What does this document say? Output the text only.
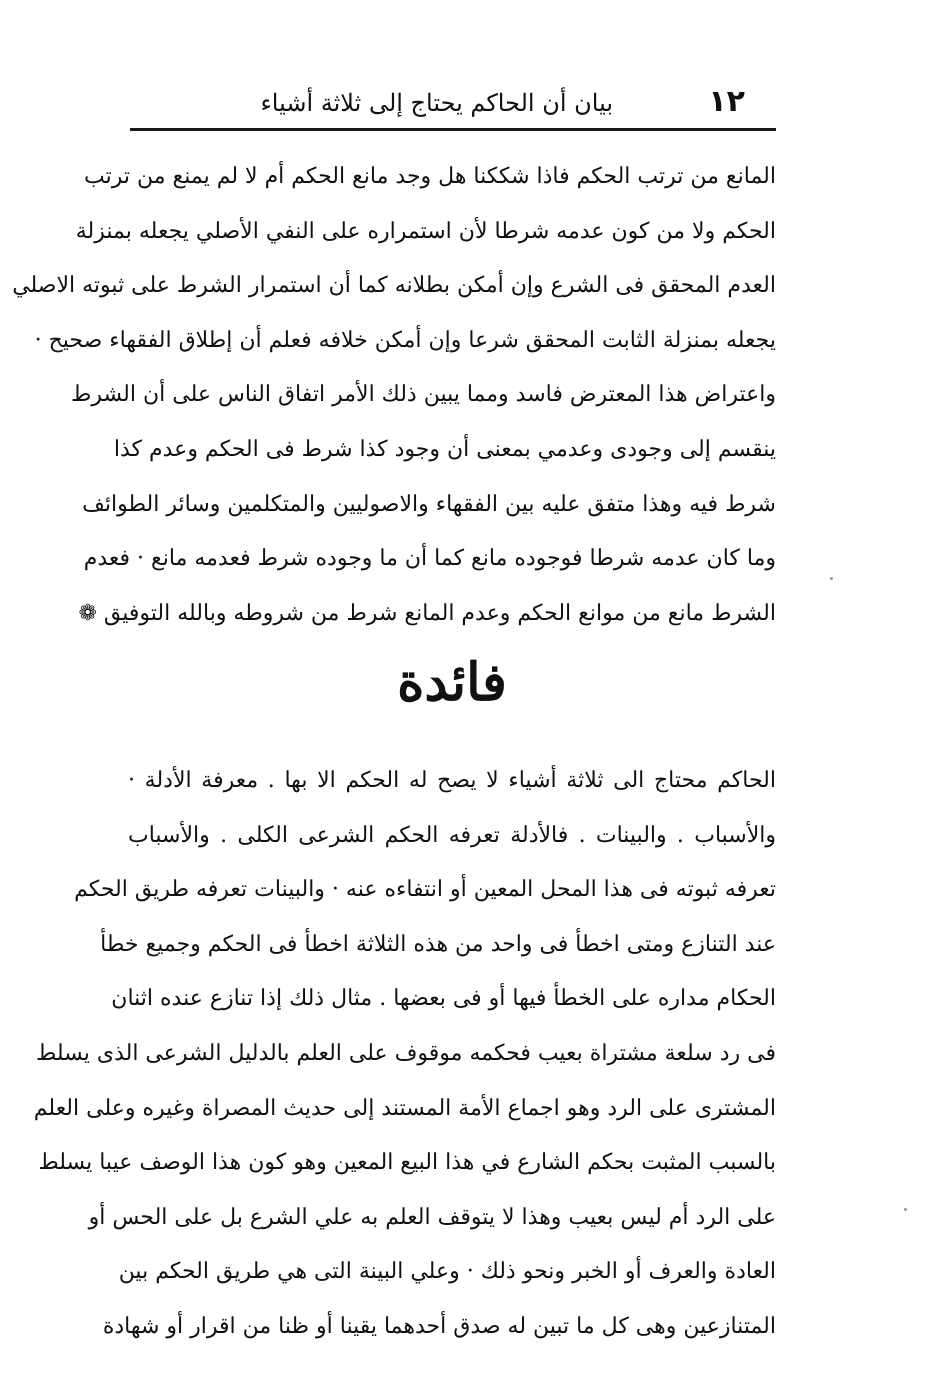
١٢
بيان أن الحاكم يحتاج إلى ثلاثة أشياء
المانع من ترتب الحكم فاذا شككنا هل وجد مانع الحكم أم لا لم يمنع من ترتب
الحكم ولا من كون عدمه شرطا لأن استمراره على النفي الأصلي يجعله بمنزلة
العدم المحقق فى الشرع وإن أمكن بطلانه كما أن استمرار الشرط على ثبوته الاصلي
يجعله بمنزلة الثابت المحقق شرعا وإن أمكن خلافه فعلم أن إطلاق الفقهاء صحيح ·
واعتراض هذا المعترض فاسد ومما يبين ذلك الأمر اتفاق الناس على أن الشرط
ينقسم إلى وجودى وعدمي بمعنى أن وجود كذا شرط فى الحكم وعدم كذا
شرط فيه وهذا متفق عليه بين الفقهاء والاصوليين والمتكلمين وسائر الطوائف
وما كان عدمه شرطا فوجوده مانع كما أن ما وجوده شرط فعدمه مانع · فعدم
الشرط مانع من موانع الحكم وعدم المانع شرط من شروطه وبالله التوفيق ❁
فائدة
الحاكم محتاج الى ثلاثة أشياء لا يصح له الحكم الا بها . معرفة الأدلة ·
والأسباب . والبينات . فالأدلة تعرفه الحكم الشرعى الكلى . والأسباب
تعرفه ثبوته فى هذا المحل المعين أو انتفاءه عنه · والبينات تعرفه طريق الحكم
عند التنازع ومتى اخطأ فى واحد من هذه الثلاثة اخطأ فى الحكم وجميع خطأ
الحكام مداره على الخطأ فيها أو فى بعضها . مثال ذلك إذا تنازع عنده اثنان
فى رد سلعة مشتراة بعيب فحكمه موقوف على العلم بالدليل الشرعى الذى يسلط
المشترى على الرد وهو اجماع الأمة المستند إلى حديث المصراة وغيره وعلى العلم
بالسبب المثبت بحكم الشارع في هذا البيع المعين وهو كون هذا الوصف عيبا يسلط
على الرد أم ليس بعيب وهذا لا يتوقف العلم به علي الشرع بل على الحس أو
العادة والعرف أو الخبر ونحو ذلك · وعلي البينة التى هي طريق الحكم بين
المتنازعين وهى كل ما تبين له صدق أحدهما يقينا أو ظنا من اقرار أو شهادة
